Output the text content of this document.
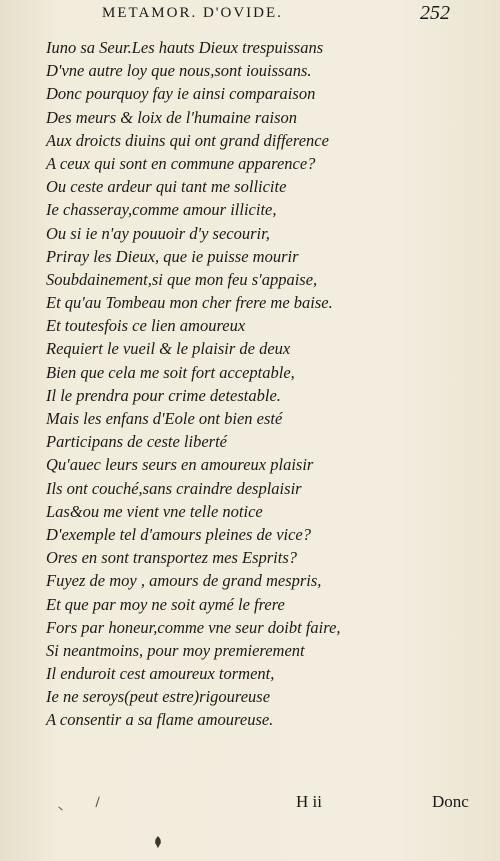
METAMOR. D'OVIDE.	252
Iuno sa Seur.Les hauts Dieux trespuissans
D'vne autre loy que nous,sont iouissans.
Donc pourquoy fay ie ainsi comparaison
Des meurs & loix de l'humaine raison
Aux droicts diuins qui ont grand difference
A ceux qui sont en commune apparence?
Ou ceste ardeur qui tant me sollicite
Ie chasseray,comme amour illicite,
Ou si ie n'ay pouuoir d'y secourir,
Priray les Dieux, que ie puisse mourir
Soubdainement,si que mon feu s'appaise,
Et qu'au Tombeau mon cher frere me baise.
Et toutesfois ce lien amoureux
Requiert le vueil & le plaisir de deux
Bien que cela me soit fort acceptable,
Il le prendra pour crime detestable.
Mais les enfans d'Eole ont bien esté
Participans de ceste liberté
Qu'auec leurs seurs en amoureux plaisir
Ils ont couché,sans craindre desplaisir
Las&ou me vient vne telle notice
D'exemple tel d'amours pleines de vice?
Ores en sont transportez mes Esprits?
Fuyez de moy , amours de grand mespris,
Et que par moy ne soit aymé le frere
Fors par honeur,comme vne seur doibt faire,
Si neantmoins, pour moy premierement
Il enduroit cest amoureux torment,
Ie ne seroys(peut estre)rigoureuse
A consentir a sa flame amoureuse.
H ii	Donc
